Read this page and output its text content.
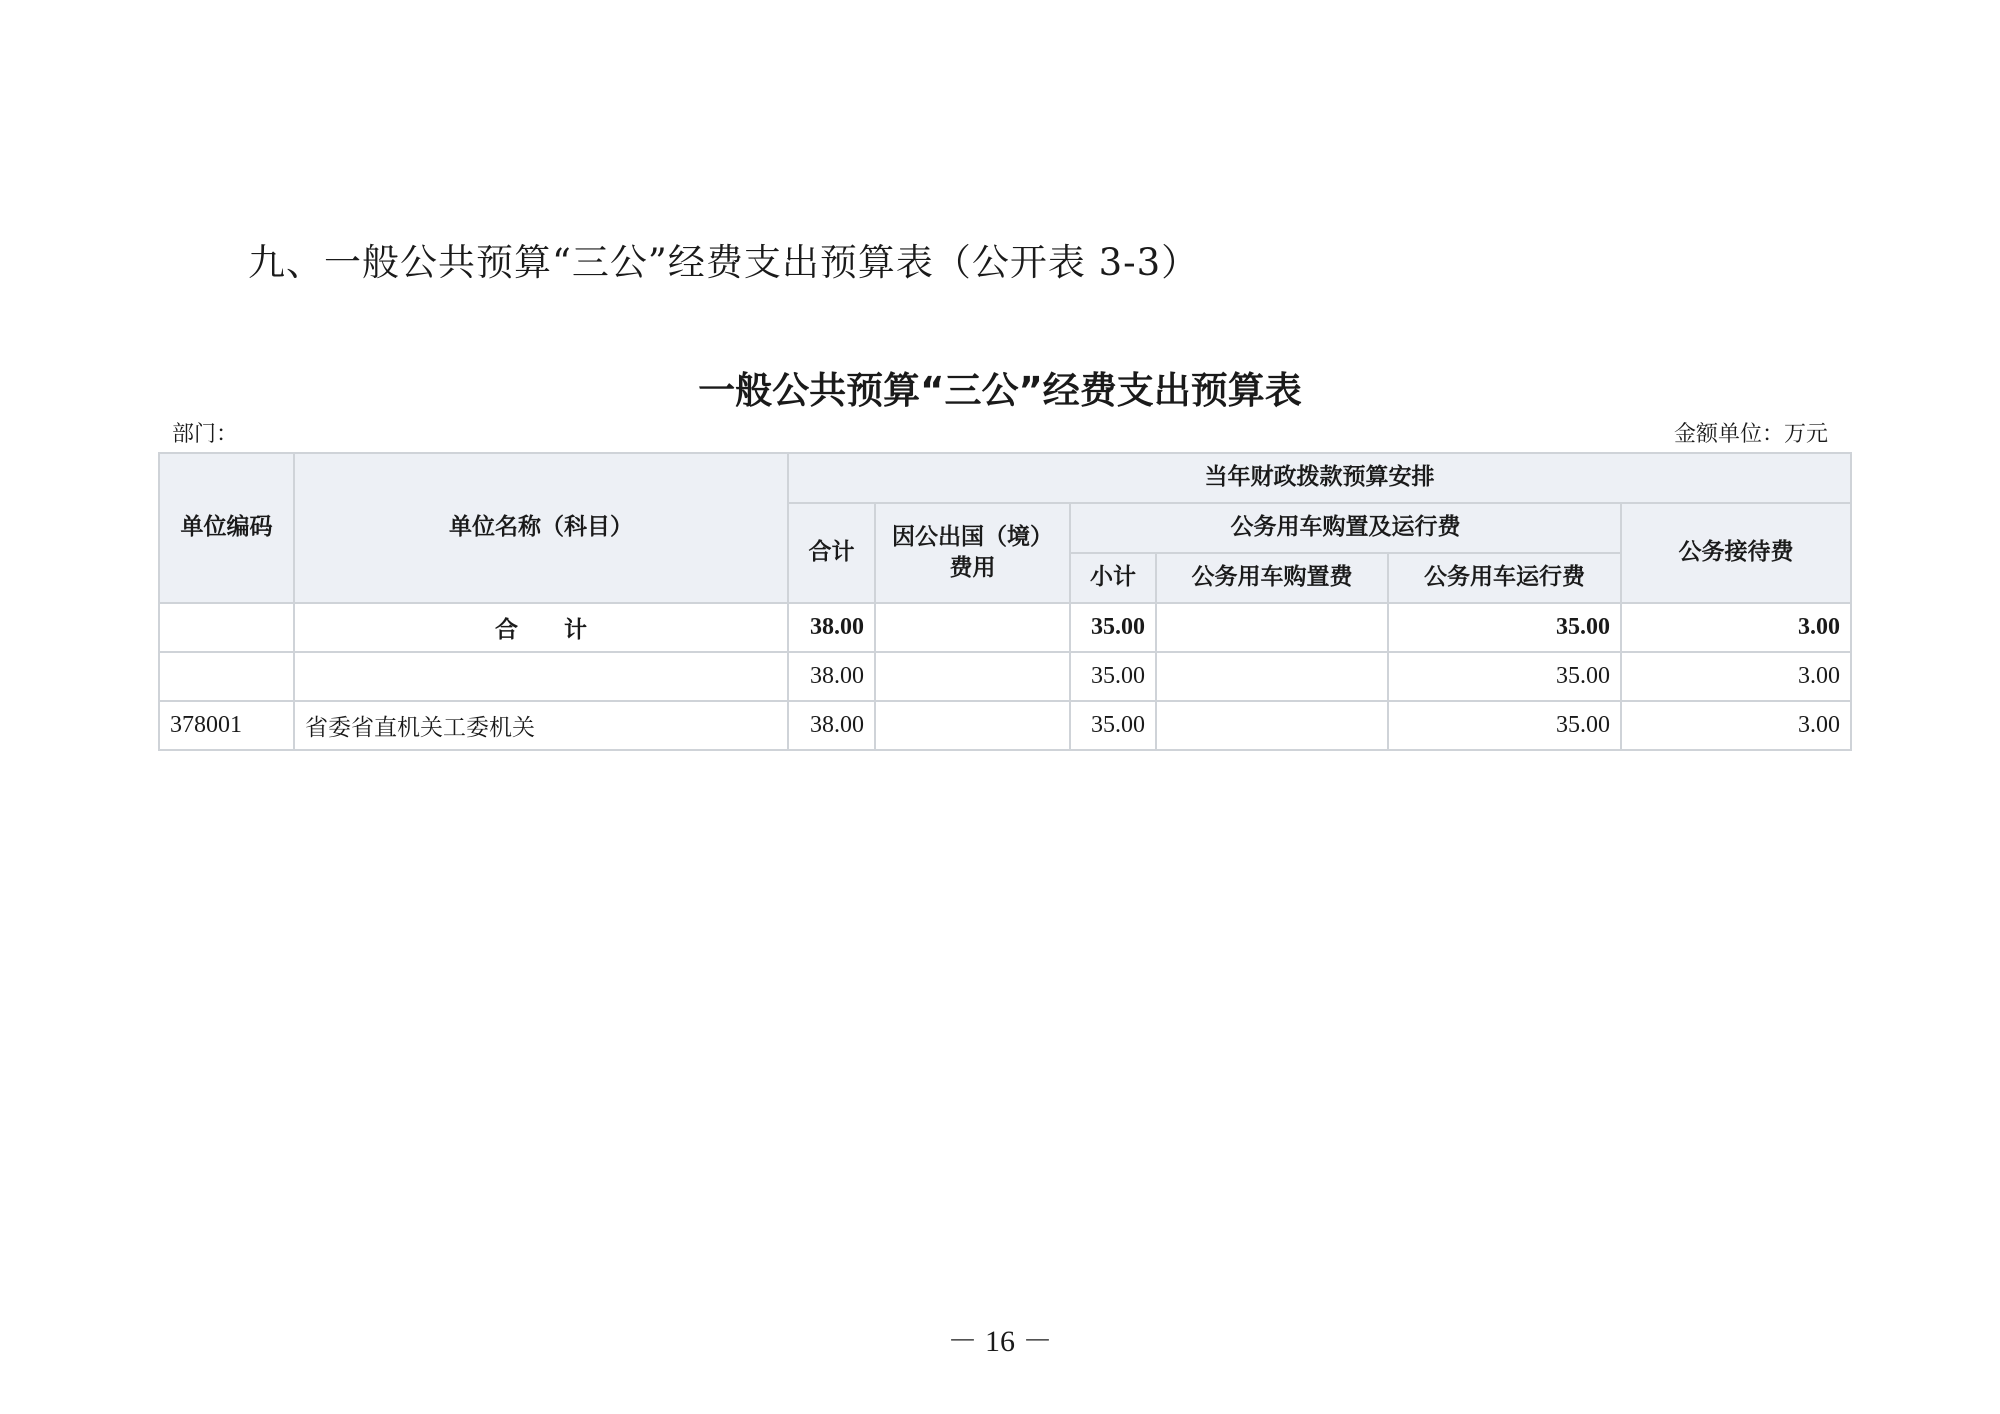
九、一般公共预算“三公”经费支出预算表（公开表 3-3）
一般公共预算“三公”经费支出预算表
部门：	金额单位：万元
单位编码	单位名称（科目）	当年财政拨款预算安排					
		合计	因公出国（境）费用	公务用车购置及运行费			公务接待费
				小计	公务用车购置费	公务用车运行费	
	合　　计	38.00		35.00		35.00	3.00
		38.00		35.00		35.00	3.00
378001	省委省直机关工委机关	38.00		35.00		35.00	3.00
－ 16 －
